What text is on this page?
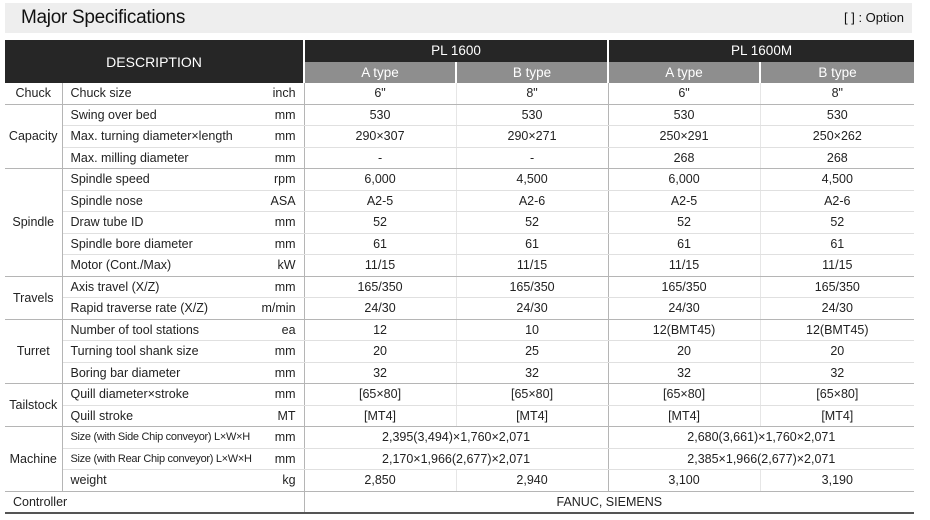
Major Specifications	[ ] : Option
DESCRIPTION			PL 1600		PL 1600M	
			A type	B type	A type	B type
Chuck	Chuck size	inch	6"	8"	6"	8"
Capacity	Swing over bed	mm	530	530	530	530
	Max. turning diameter×length	mm	290×307	290×271	250×291	250×262
	Max. milling diameter	mm	-	-	268	268
Spindle	Spindle speed	rpm	6,000	4,500	6,000	4,500
	Spindle nose	ASA	A2-5	A2-6	A2-5	A2-6
	Draw tube ID	mm	52	52	52	52
	Spindle bore diameter	mm	61	61	61	61
	Motor (Cont./Max)	kW	11/15	11/15	11/15	11/15
Travels	Axis travel (X/Z)	mm	165/350	165/350	165/350	165/350
	Rapid traverse rate (X/Z)	m/min	24/30	24/30	24/30	24/30
Turret	Number of tool stations	ea	12	10	12(BMT45)	12(BMT45)
	Turning tool shank size	mm	20	25	20	20
	Boring bar diameter	mm	32	32	32	32
Tailstock	Quill diameter×stroke	mm	[65×80]	[65×80]	[65×80]	[65×80]
	Quill stroke	MT	[MT4]	[MT4]	[MT4]	[MT4]
Machine	Size (with Side Chip conveyor) L×W×H	mm	2,395(3,494)×1,760×2,071		2,680(3,661)×1,760×2,071	
	Size (with Rear Chip conveyor) L×W×H	mm	2,170×1,966(2,677)×2,071		2,385×1,966(2,677)×2,071	
	weight	kg	2,850	2,940	3,100	3,190
Controller			FANUC, SIEMENS			
